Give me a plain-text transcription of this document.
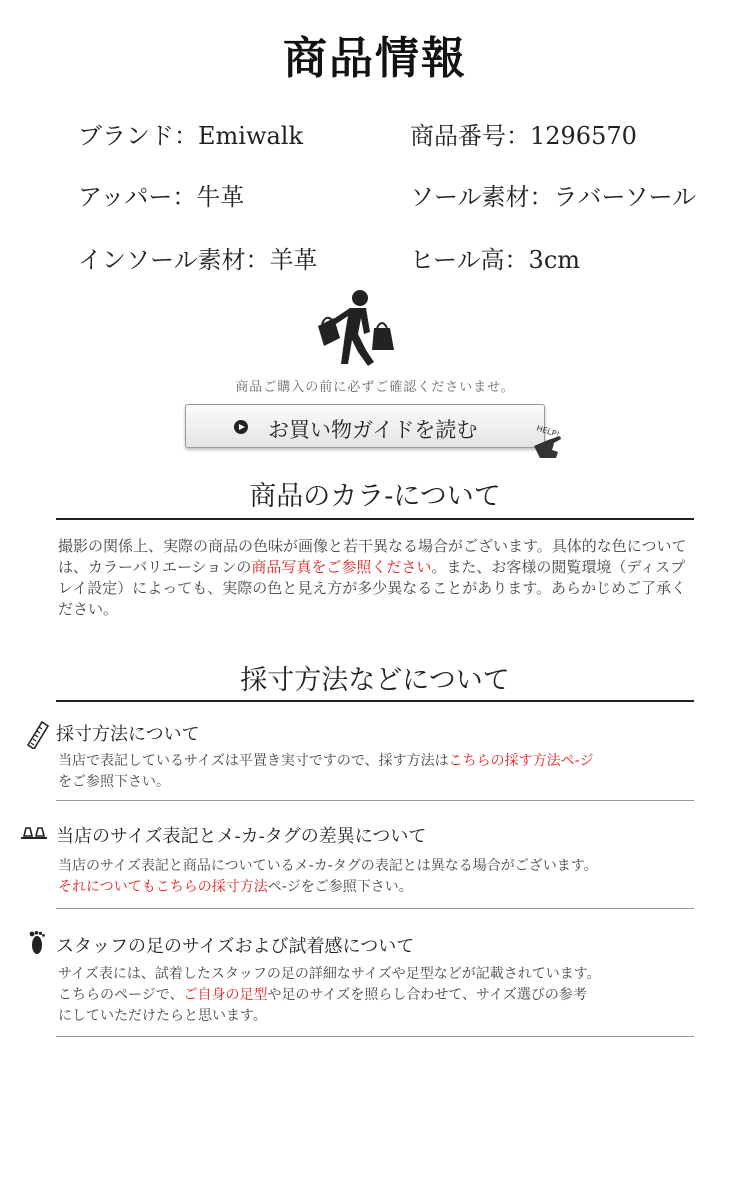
商品情報
ブランド：Emiwalk	商品番号：1296570
アッパー：牛革	ソール素材：ラバーソール
インソール素材：羊革	ヒール高：3cm
商品ご購入の前に必ずご確認くださいませ。
お買い物ガイドを読む	HELP!
商品のカラ-について
撮影の関係上、実際の商品の色味が画像と若干異なる場合がございます。具体的な色については、カラーバリエーションの商品写真をご参照ください。また、お客様の閲覧環境（ディスプレイ設定）によっても、実際の色と見え方が多少異なることがあります。あらかじめご了承ください。
採寸方法などについて
採寸方法について
当店で表記しているサイズは平置き実寸ですので、採す方法はこちらの採す方法ペ-ジ
をご参照下さい。
当店のサイズ表記とメ-カ-タグの差異について
当店のサイズ表記と商品についているメ-カ-タグの表記とは異なる場合がございます。
それについてもこちらの採寸方法ペ-ジをご参照下さい。
スタッフの足のサイズおよび試着感について
サイズ表には、試着したスタッフの足の詳細なサイズや足型などが記載されています。
こちらのページで、ご自身の足型や足のサイズを照らし合わせて、サイズ選びの参考
にしていただけたらと思います。
